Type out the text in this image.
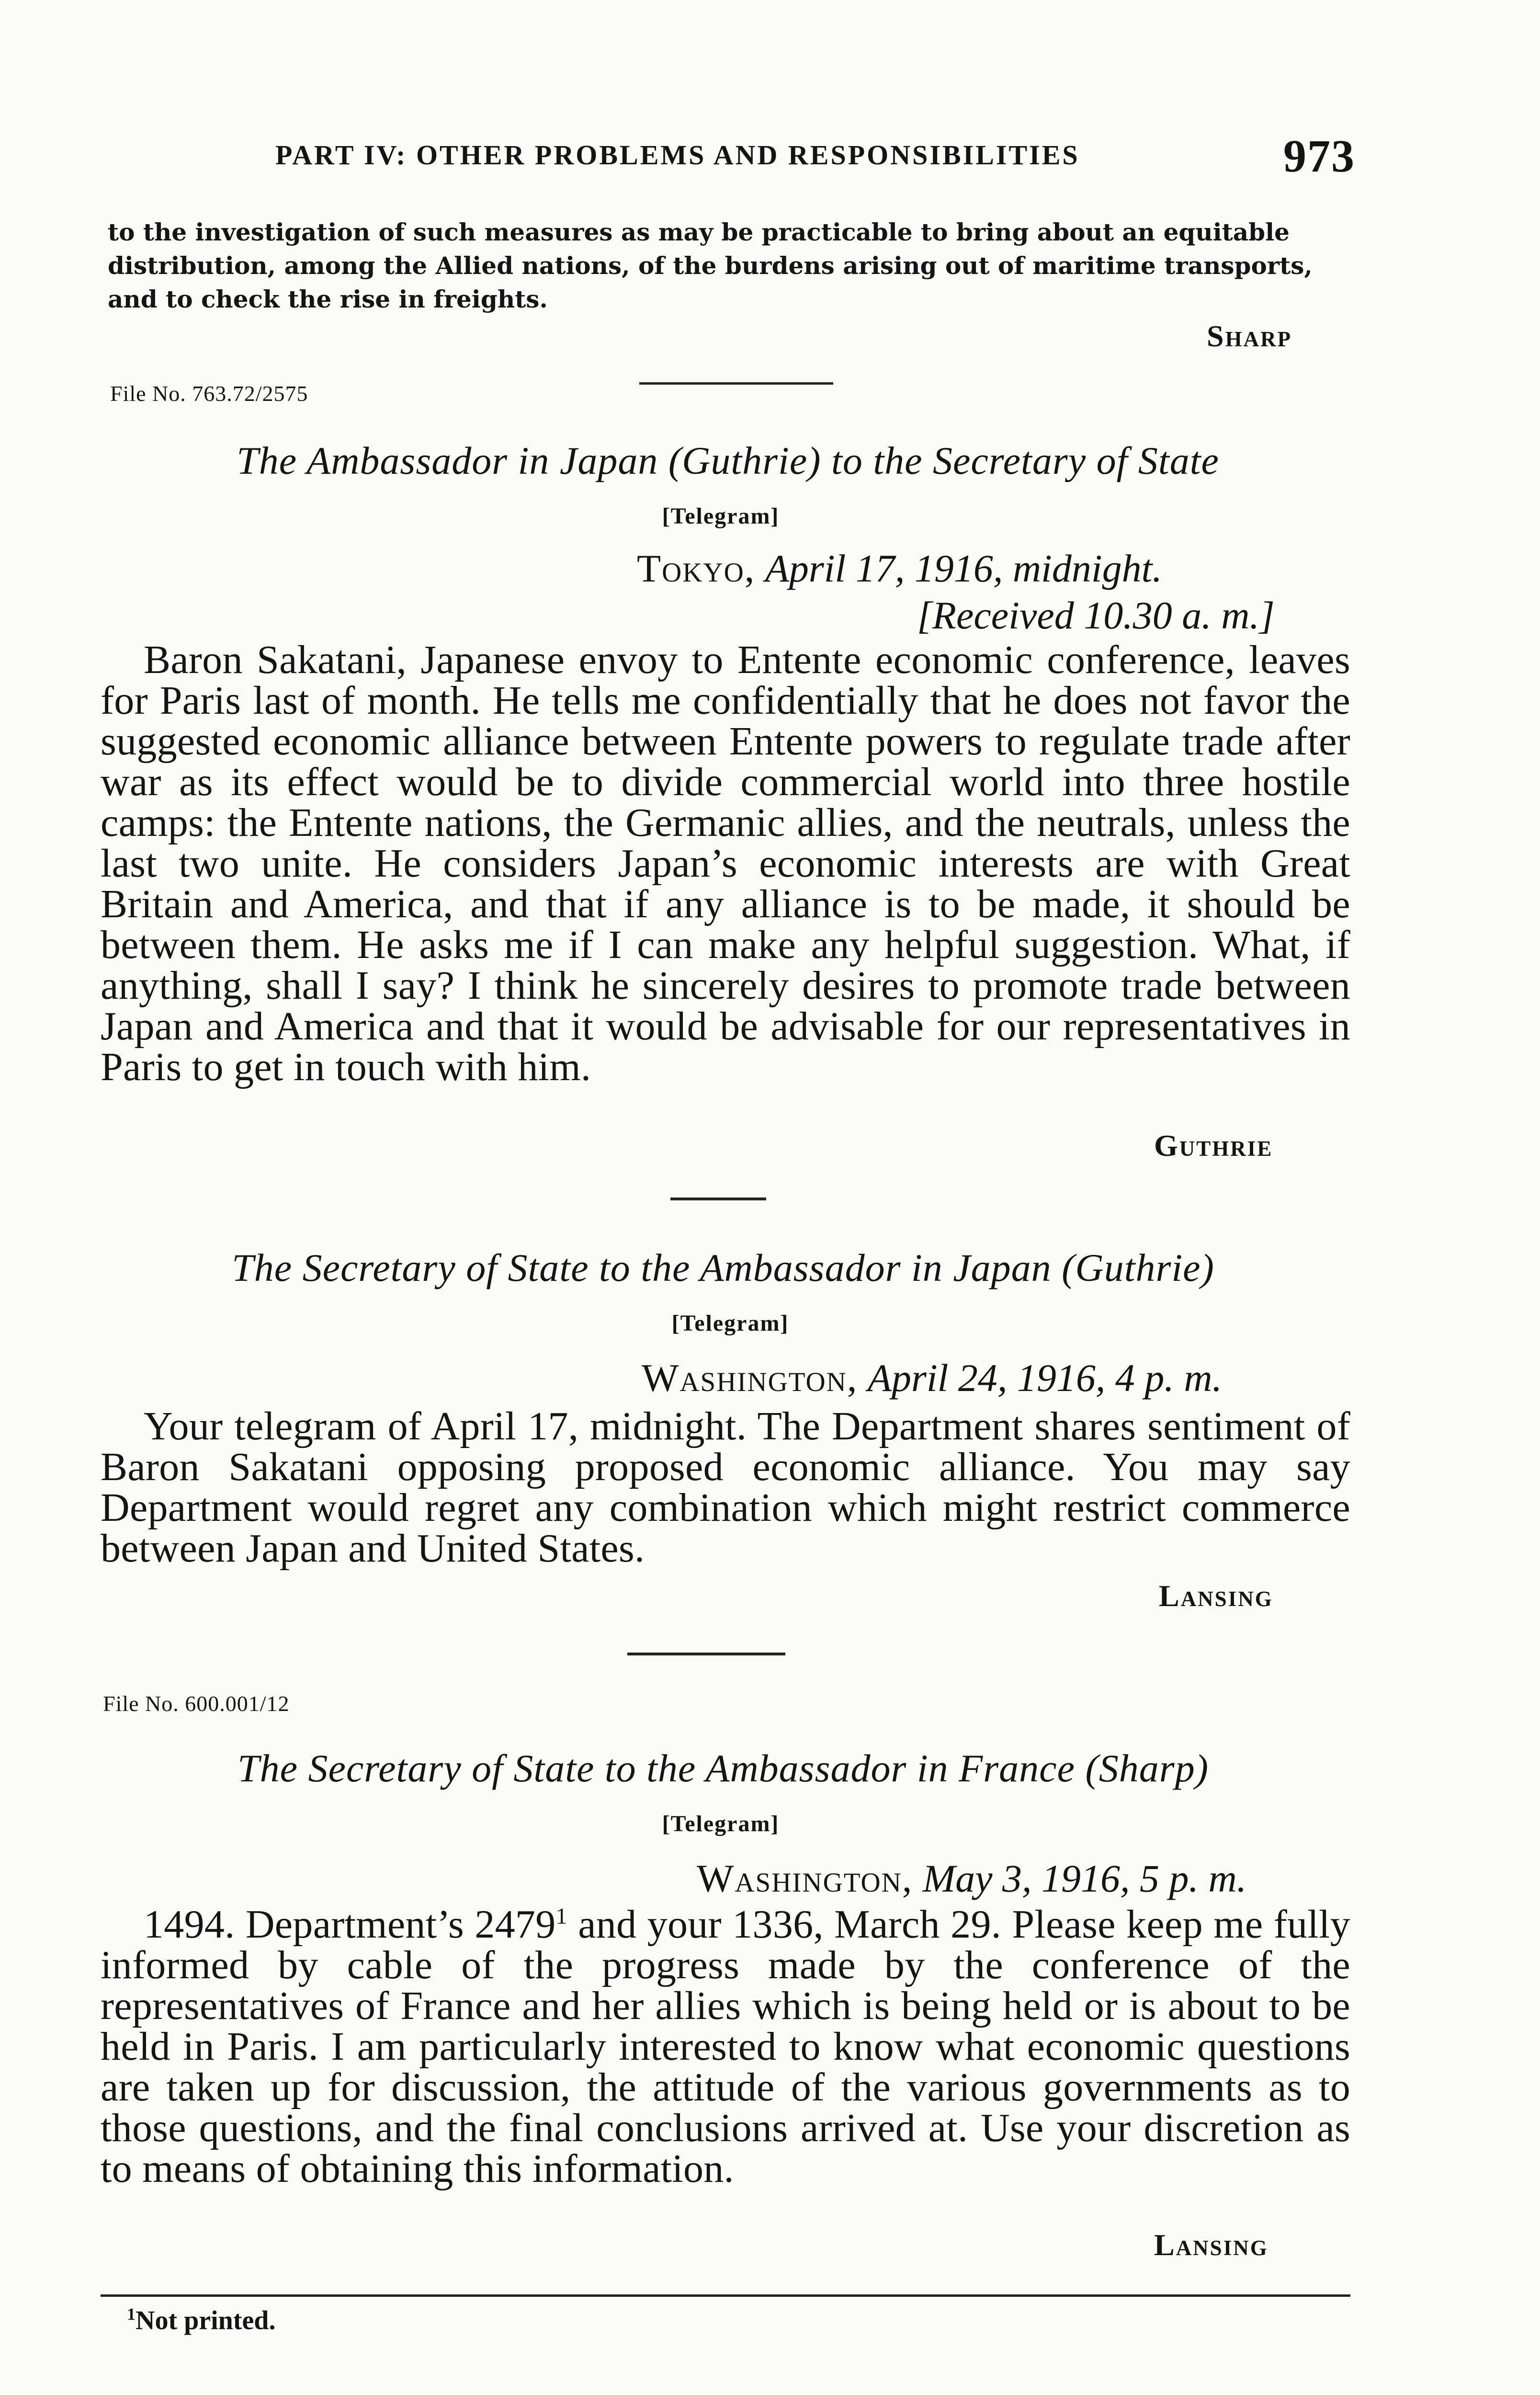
PART IV: OTHER PROBLEMS AND RESPONSIBILITIES	973
to the investigation of such measures as may be practicable to bring about an equitable distribution, among the Allied nations, of the burdens arising out of maritime transports, and to check the rise in freights.
Sharp
File No. 763.72/2575
The Ambassador in Japan (Guthrie) to the Secretary of State
[Telegram]
Tokyo, April 17, 1916, midnight.
[Received 10.30 a. m.]
Baron Sakatani, Japanese envoy to Entente economic conference, leaves for Paris last of month. He tells me confidentially that he does not favor the suggested economic alliance between Entente powers to regulate trade after war as its effect would be to divide commercial world into three hostile camps: the Entente nations, the Germanic allies, and the neutrals, unless the last two unite. He considers Japan’s economic interests are with Great Britain and America, and that if any alliance is to be made, it should be between them. He asks me if I can make any helpful suggestion. What, if anything, shall I say? I think he sincerely desires to promote trade between Japan and America and that it would be advisable for our representatives in Paris to get in touch with him.
Guthrie
The Secretary of State to the Ambassador in Japan (Guthrie)
[Telegram]
Washington, April 24, 1916, 4 p. m.
Your telegram of April 17, midnight. The Department shares sentiment of Baron Sakatani opposing proposed economic alliance. You may say Department would regret any combination which might restrict commerce between Japan and United States.
Lansing
File No. 600.001/12
The Secretary of State to the Ambassador in France (Sharp)
[Telegram]
Washington, May 3, 1916, 5 p. m.
1494. Department’s 2479$^1$ and your 1336, March 29. Please keep me fully informed by cable of the progress made by the conference of the representatives of France and her allies which is being held or is about to be held in Paris. I am particularly interested to know what economic questions are taken up for discussion, the attitude of the various governments as to those questions, and the final conclusions arrived at. Use your discretion as to means of obtaining this information.
Lansing
$^1$Not printed.
